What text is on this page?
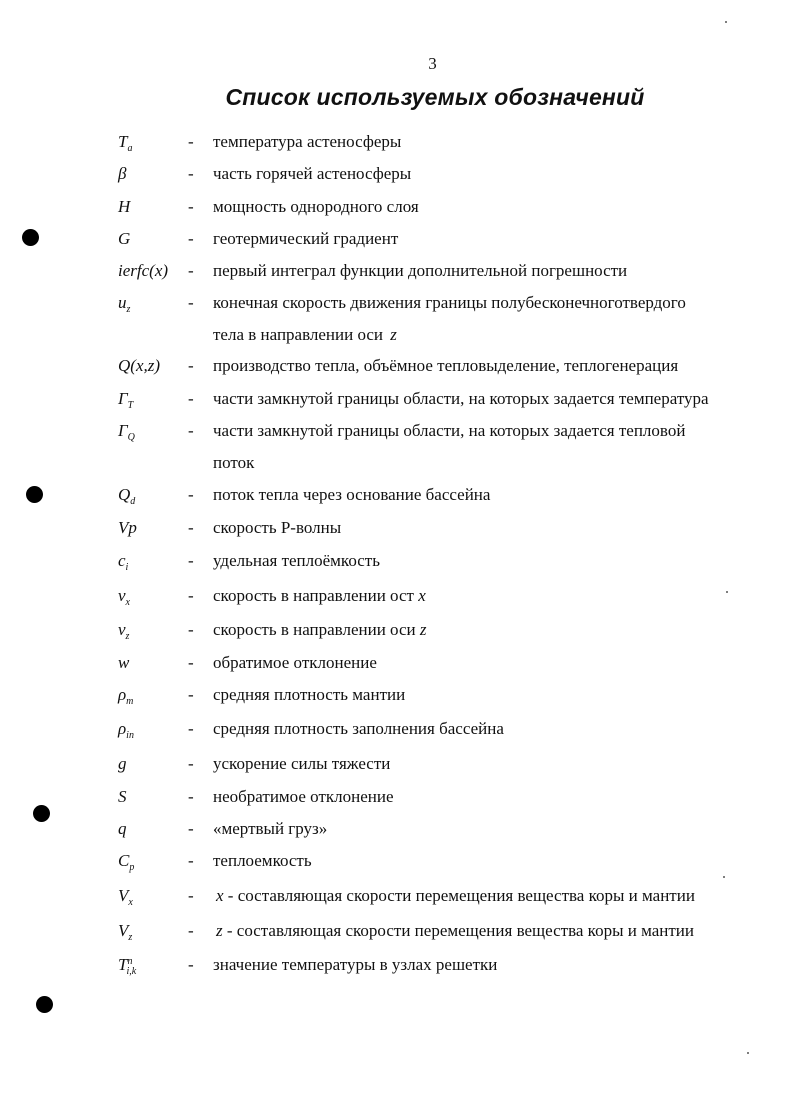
3
Список используемых обозначений
$T_a$	- температура астеносферы
β	- часть горячей астеносферы
H	- мощность однородного слоя
G	- геотермический градиент
ierfc(x) - первый интеграл функции дополнительной погрешности
$u_z$	- конечная скорость движения границы полубесконечноготвердого
тела в направлении оси z
Q(x,z) - производство тепла, объёмное тепловыделение, теплогенерация
$\Gamma_T$	- части замкнутой границы области, на которых задается температура
$\Gamma_Q$	- части замкнутой границы области, на которых задается тепловой
поток
$Q_d$	- поток тепла через основание бассейна
Vp	- скорость Р-волны
$c_i$	- удельная теплоёмкость
$v_x$	- скорость в направлении ост x
$v_z$	- скорость в направлении оси z
w	- обратимое отклонение
$\rho_m$	- средняя плотность мантии
$\rho_{in}$	- средняя плотность заполнения бассейна
g	- ускорение силы тяжести
S	- необратимое отклонение
q	- «мертвый груз»
$C_p$	- теплоемкость
$V_x$	- x - составляющая скорости перемещения вещества коры и мантии
$V_z$	- z - составляющая скорости перемещения вещества коры и мантии
$T^n_{i,k}$	- значение температуры в узлах решетки
